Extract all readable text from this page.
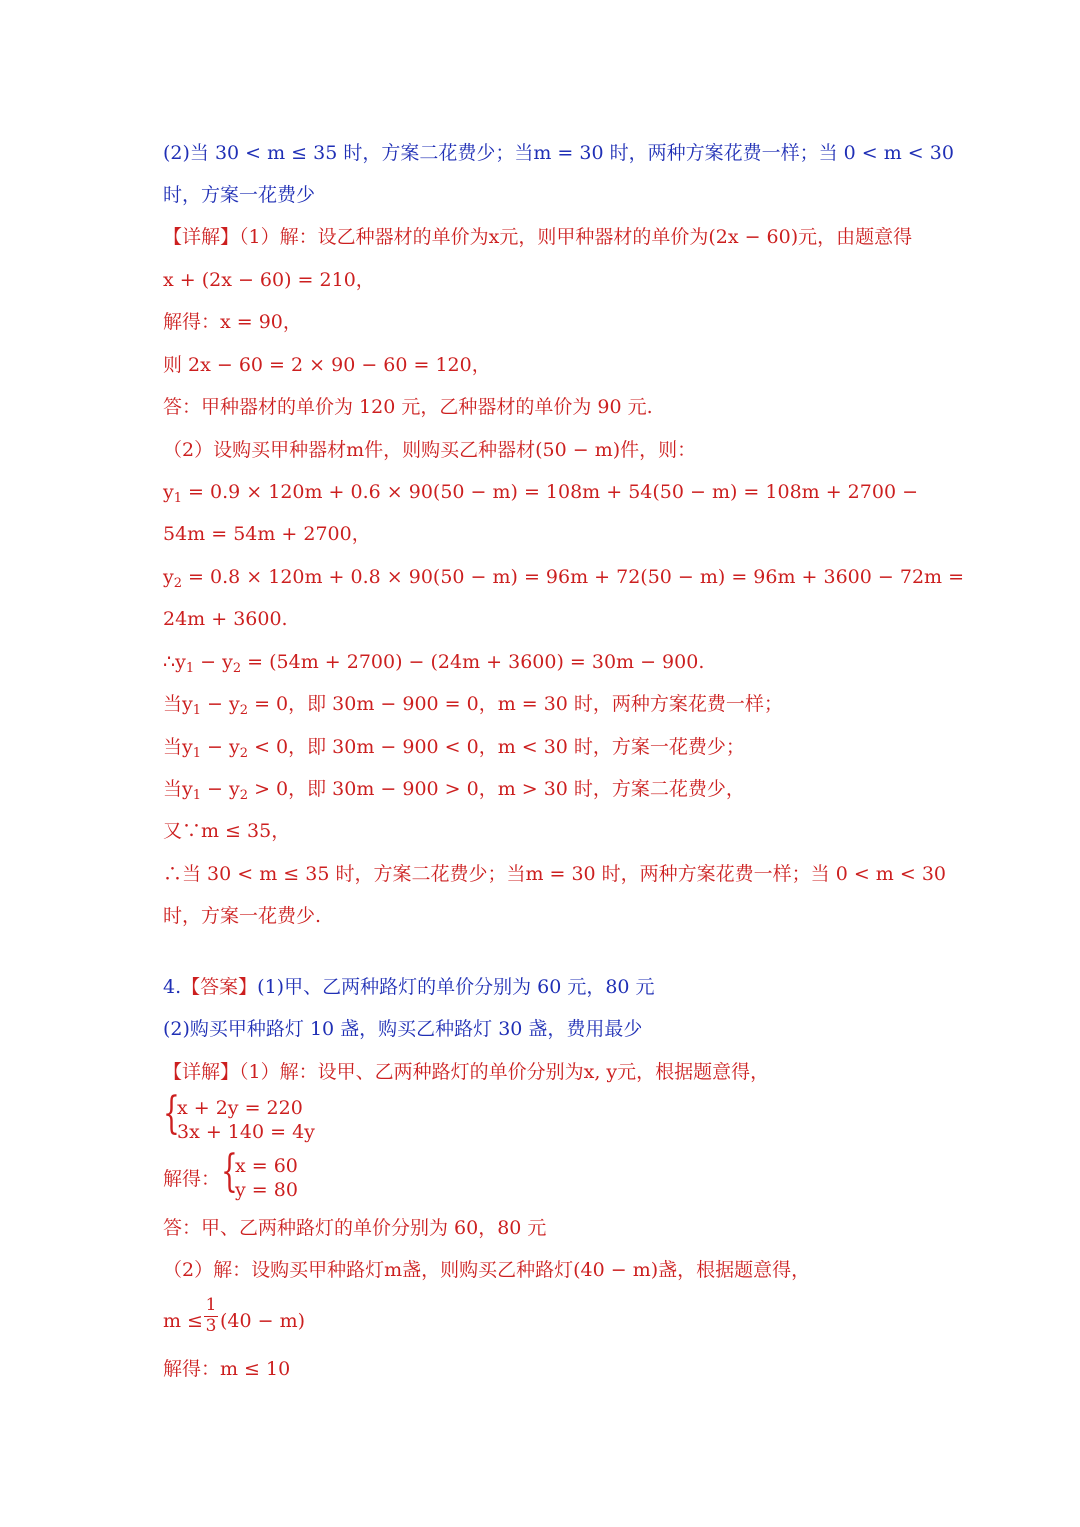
(2)当 30 < m ≤ 35 时，方案二花费少；当m = 30 时，两种方案花费一样；当 0 < m < 30
时，方案一花费少
【详解】（1）解：设乙种器材的单价为x元，则甲种器材的单价为(2x − 60)元，由题意得
x + (2x − 60) = 210，
解得：x = 90，
则 2x − 60 = 2 × 90 − 60 = 120，
答：甲种器材的单价为 120 元，乙种器材的单价为 90 元.
（2）设购买甲种器材m件，则购买乙种器材(50 − m)件，则：
$y_1 = 0.9 \times 120m + 0.6 \times 90(50 - m) = 108m + 54(50 - m) = 108m + 2700$ −
54m = 54m + 2700，
$y_2 = 0.8 \times 120m + 0.8 \times 90(50 - m) = 96m + 72(50 - m) = 96m + 3600 - 72m$ =
24m + 3600.
$\therefore y_1 - y_2 = (54m + 2700) - (24m + 3600) = 30m - 900$.
当$y_1 - y_2 = 0$，即 30m − 900 = 0，m = 30 时，两种方案花费一样；
当$y_1 - y_2 < 0$，即 30m − 900 < 0，m < 30 时，方案一花费少；
当$y_1 - y_2 > 0$，即 30m − 900 > 0，m > 30 时，方案二花费少，
又∵m ≤ 35，
∴当 30 < m ≤ 35 时，方案二花费少；当m = 30 时，两种方案花费一样；当 0 < m < 30
时，方案一花费少.
4.【答案】(1)甲、乙两种路灯的单价分别为 60 元，80 元
(2)购买甲种路灯 10 盏，购买乙种路灯 30 盏，费用最少
【详解】（1）解：设甲、乙两种路灯的单价分别为x, y元，根据题意得，
{
x + 2y = 220
3x + 140 = 4y
解得： {
x = 60
y = 80
答：甲、乙两种路灯的单价分别为 60，80 元
（2）解：设购买甲种路灯m盏，则购买乙种路灯(40 − m)盏，根据题意得，
m ≤

1

3

(40 − m)
解得：m ≤ 10
